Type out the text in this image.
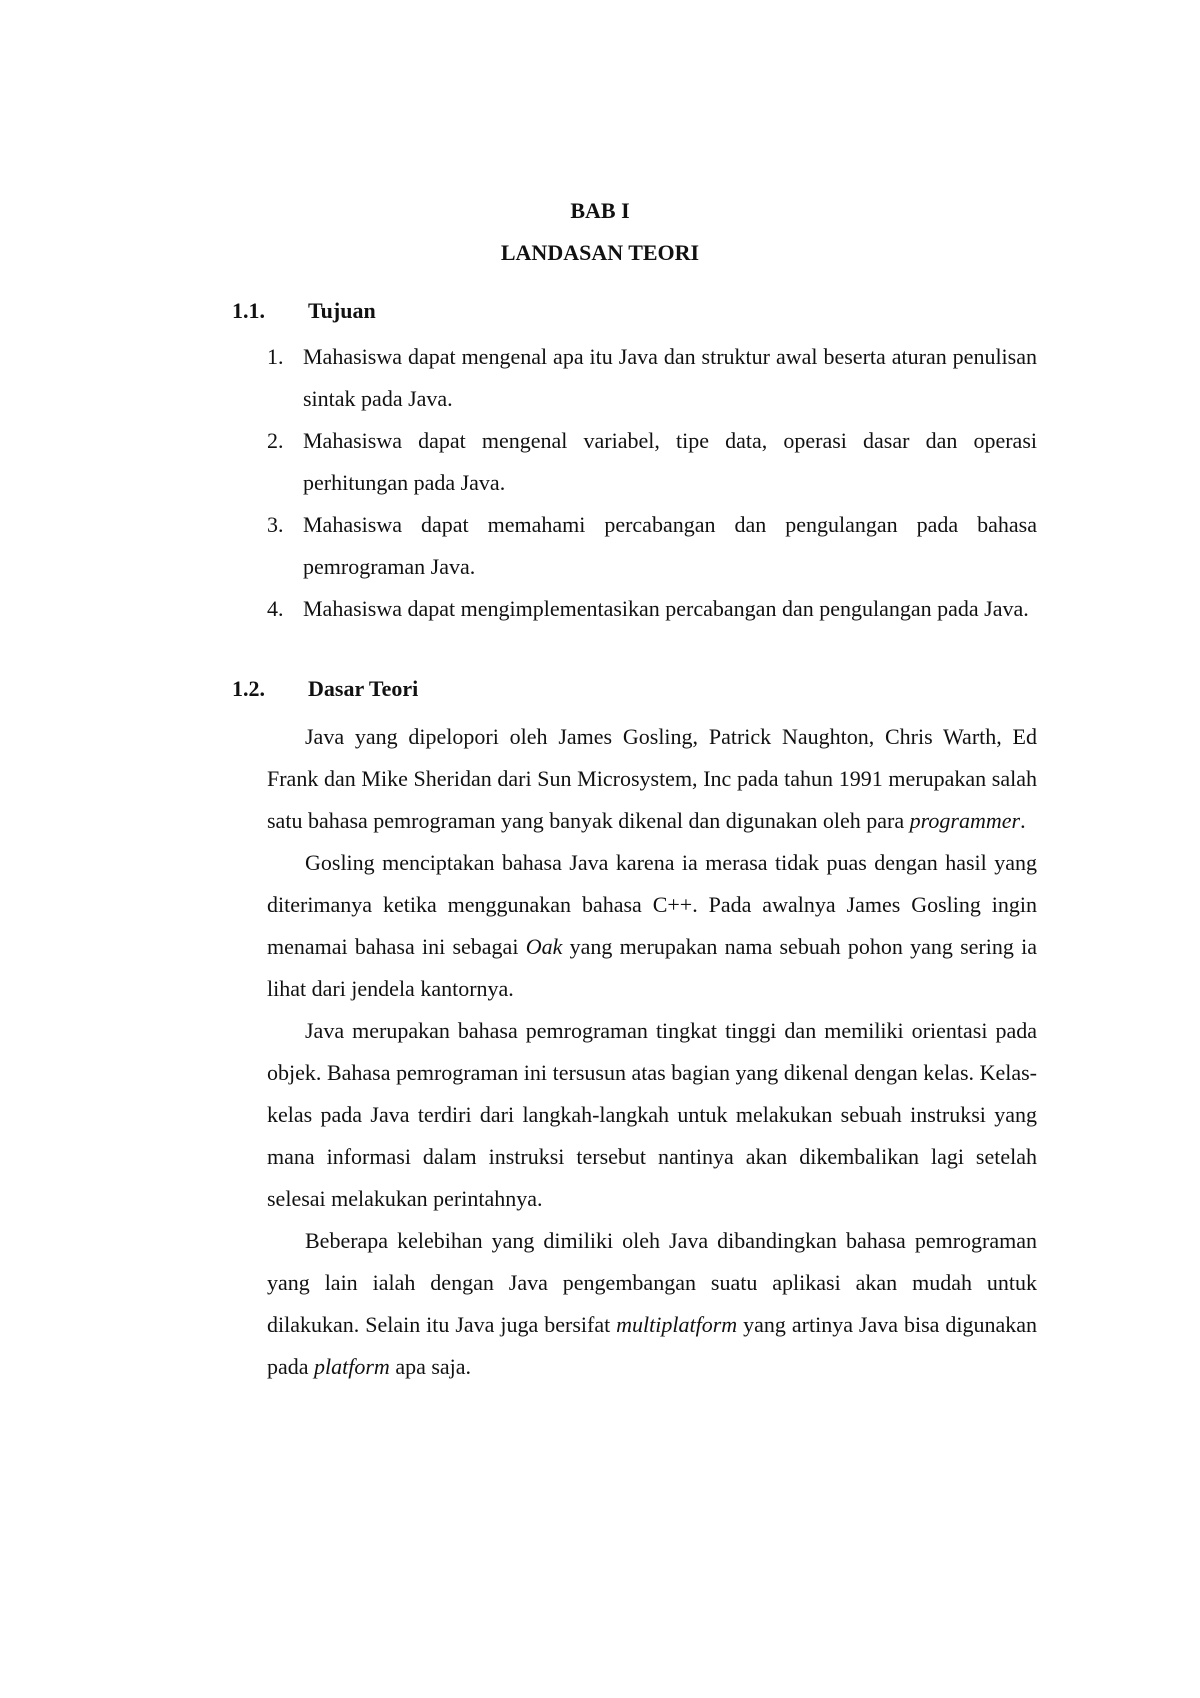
BAB I
LANDASAN TEORI
1.1. Tujuan
1. Mahasiswa dapat mengenal apa itu Java dan struktur awal beserta aturan penulisan sintak pada Java.
2. Mahasiswa dapat mengenal variabel, tipe data, operasi dasar dan operasi perhitungan pada Java.
3. Mahasiswa dapat memahami percabangan dan pengulangan pada bahasa pemrograman Java.
4. Mahasiswa dapat mengimplementasikan percabangan dan pengulangan pada Java.
1.2. Dasar Teori

Java yang dipelopori oleh James Gosling, Patrick Naughton, Chris Warth, Ed Frank dan Mike Sheridan dari Sun Microsystem, Inc pada tahun 1991 merupakan salah satu bahasa pemrograman yang banyak dikenal dan digunakan oleh para programmer.

Gosling menciptakan bahasa Java karena ia merasa tidak puas dengan hasil yang diterimanya ketika menggunakan bahasa C++. Pada awalnya James Gosling ingin menamai bahasa ini sebagai Oak yang merupakan nama sebuah pohon yang sering ia lihat dari jendela kantornya.

Java merupakan bahasa pemrograman tingkat tinggi dan memiliki orientasi pada objek. Bahasa pemrograman ini tersusun atas bagian yang dikenal dengan kelas. Kelas-kelas pada Java terdiri dari langkah-langkah untuk melakukan sebuah instruksi yang mana informasi dalam instruksi tersebut nantinya akan dikembalikan lagi setelah selesai melakukan perintahnya.

Beberapa kelebihan yang dimiliki oleh Java dibandingkan bahasa pemrograman yang lain ialah dengan Java pengembangan suatu aplikasi akan mudah untuk dilakukan. Selain itu Java juga bersifat multiplatform yang artinya Java bisa digunakan pada platform apa saja.
